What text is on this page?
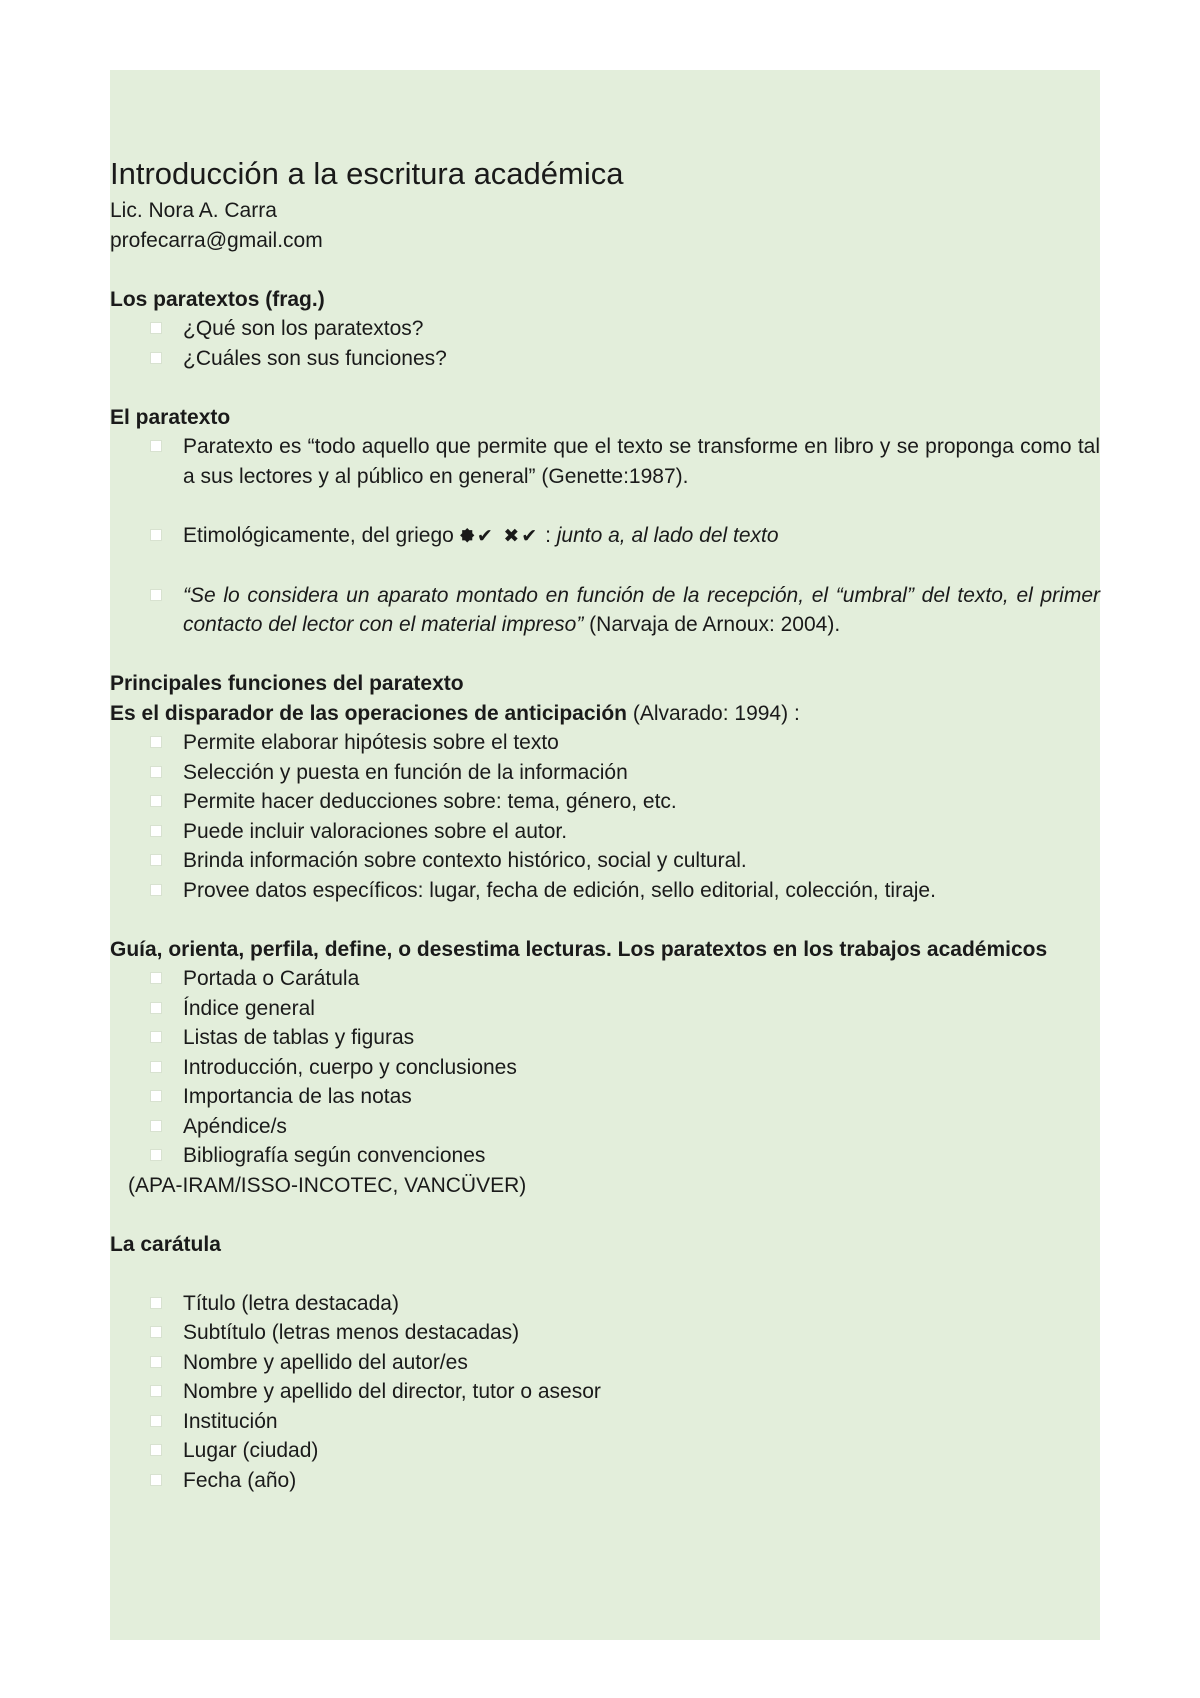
Introducción a la escritura académica

Lic. Nora A. Carra

profecarra@gmail.com

Los paratextos (frag.)

¿Qué son los paratextos?
¿Cuáles son sus funciones?

El paratexto

Paratexto es “todo aquello que permite que el texto se transforme en libro y se proponga como tal a sus lectores y al público en general” (Genette:1987).
Etimológicamente, del griego 🟐✔ ✖✔ : junto a, al lado del texto
“Se lo considera un aparato montado en función de la recepción, el “umbral” del texto, el primer contacto del lector con el material impreso” (Narvaja de Arnoux: 2004).

Principales funciones del paratexto

Es el disparador de las operaciones de anticipación (Alvarado: 1994) :

Permite elaborar hipótesis sobre el texto
Selección y puesta en función de la información
Permite hacer deducciones sobre: tema, género, etc.
Puede incluir valoraciones sobre el autor.
Brinda información sobre contexto histórico, social y cultural.
Provee datos específicos: lugar, fecha de edición, sello editorial, colección, tiraje.

Guía, orienta, perfila, define, o desestima lecturas. Los paratextos en los trabajos académicos

Portada o Carátula
Índice general
Listas de tablas y figuras
Introducción, cuerpo y conclusiones
Importancia de las notas
Apéndice/s
Bibliografía según convenciones

(APA-IRAM/ISSO-INCOTEC, VANCÜVER)

La carátula

Título (letra destacada)
Subtítulo (letras menos destacadas)
Nombre y apellido del autor/es
Nombre y apellido del director, tutor o asesor
Institución
Lugar (ciudad)
Fecha (año)
